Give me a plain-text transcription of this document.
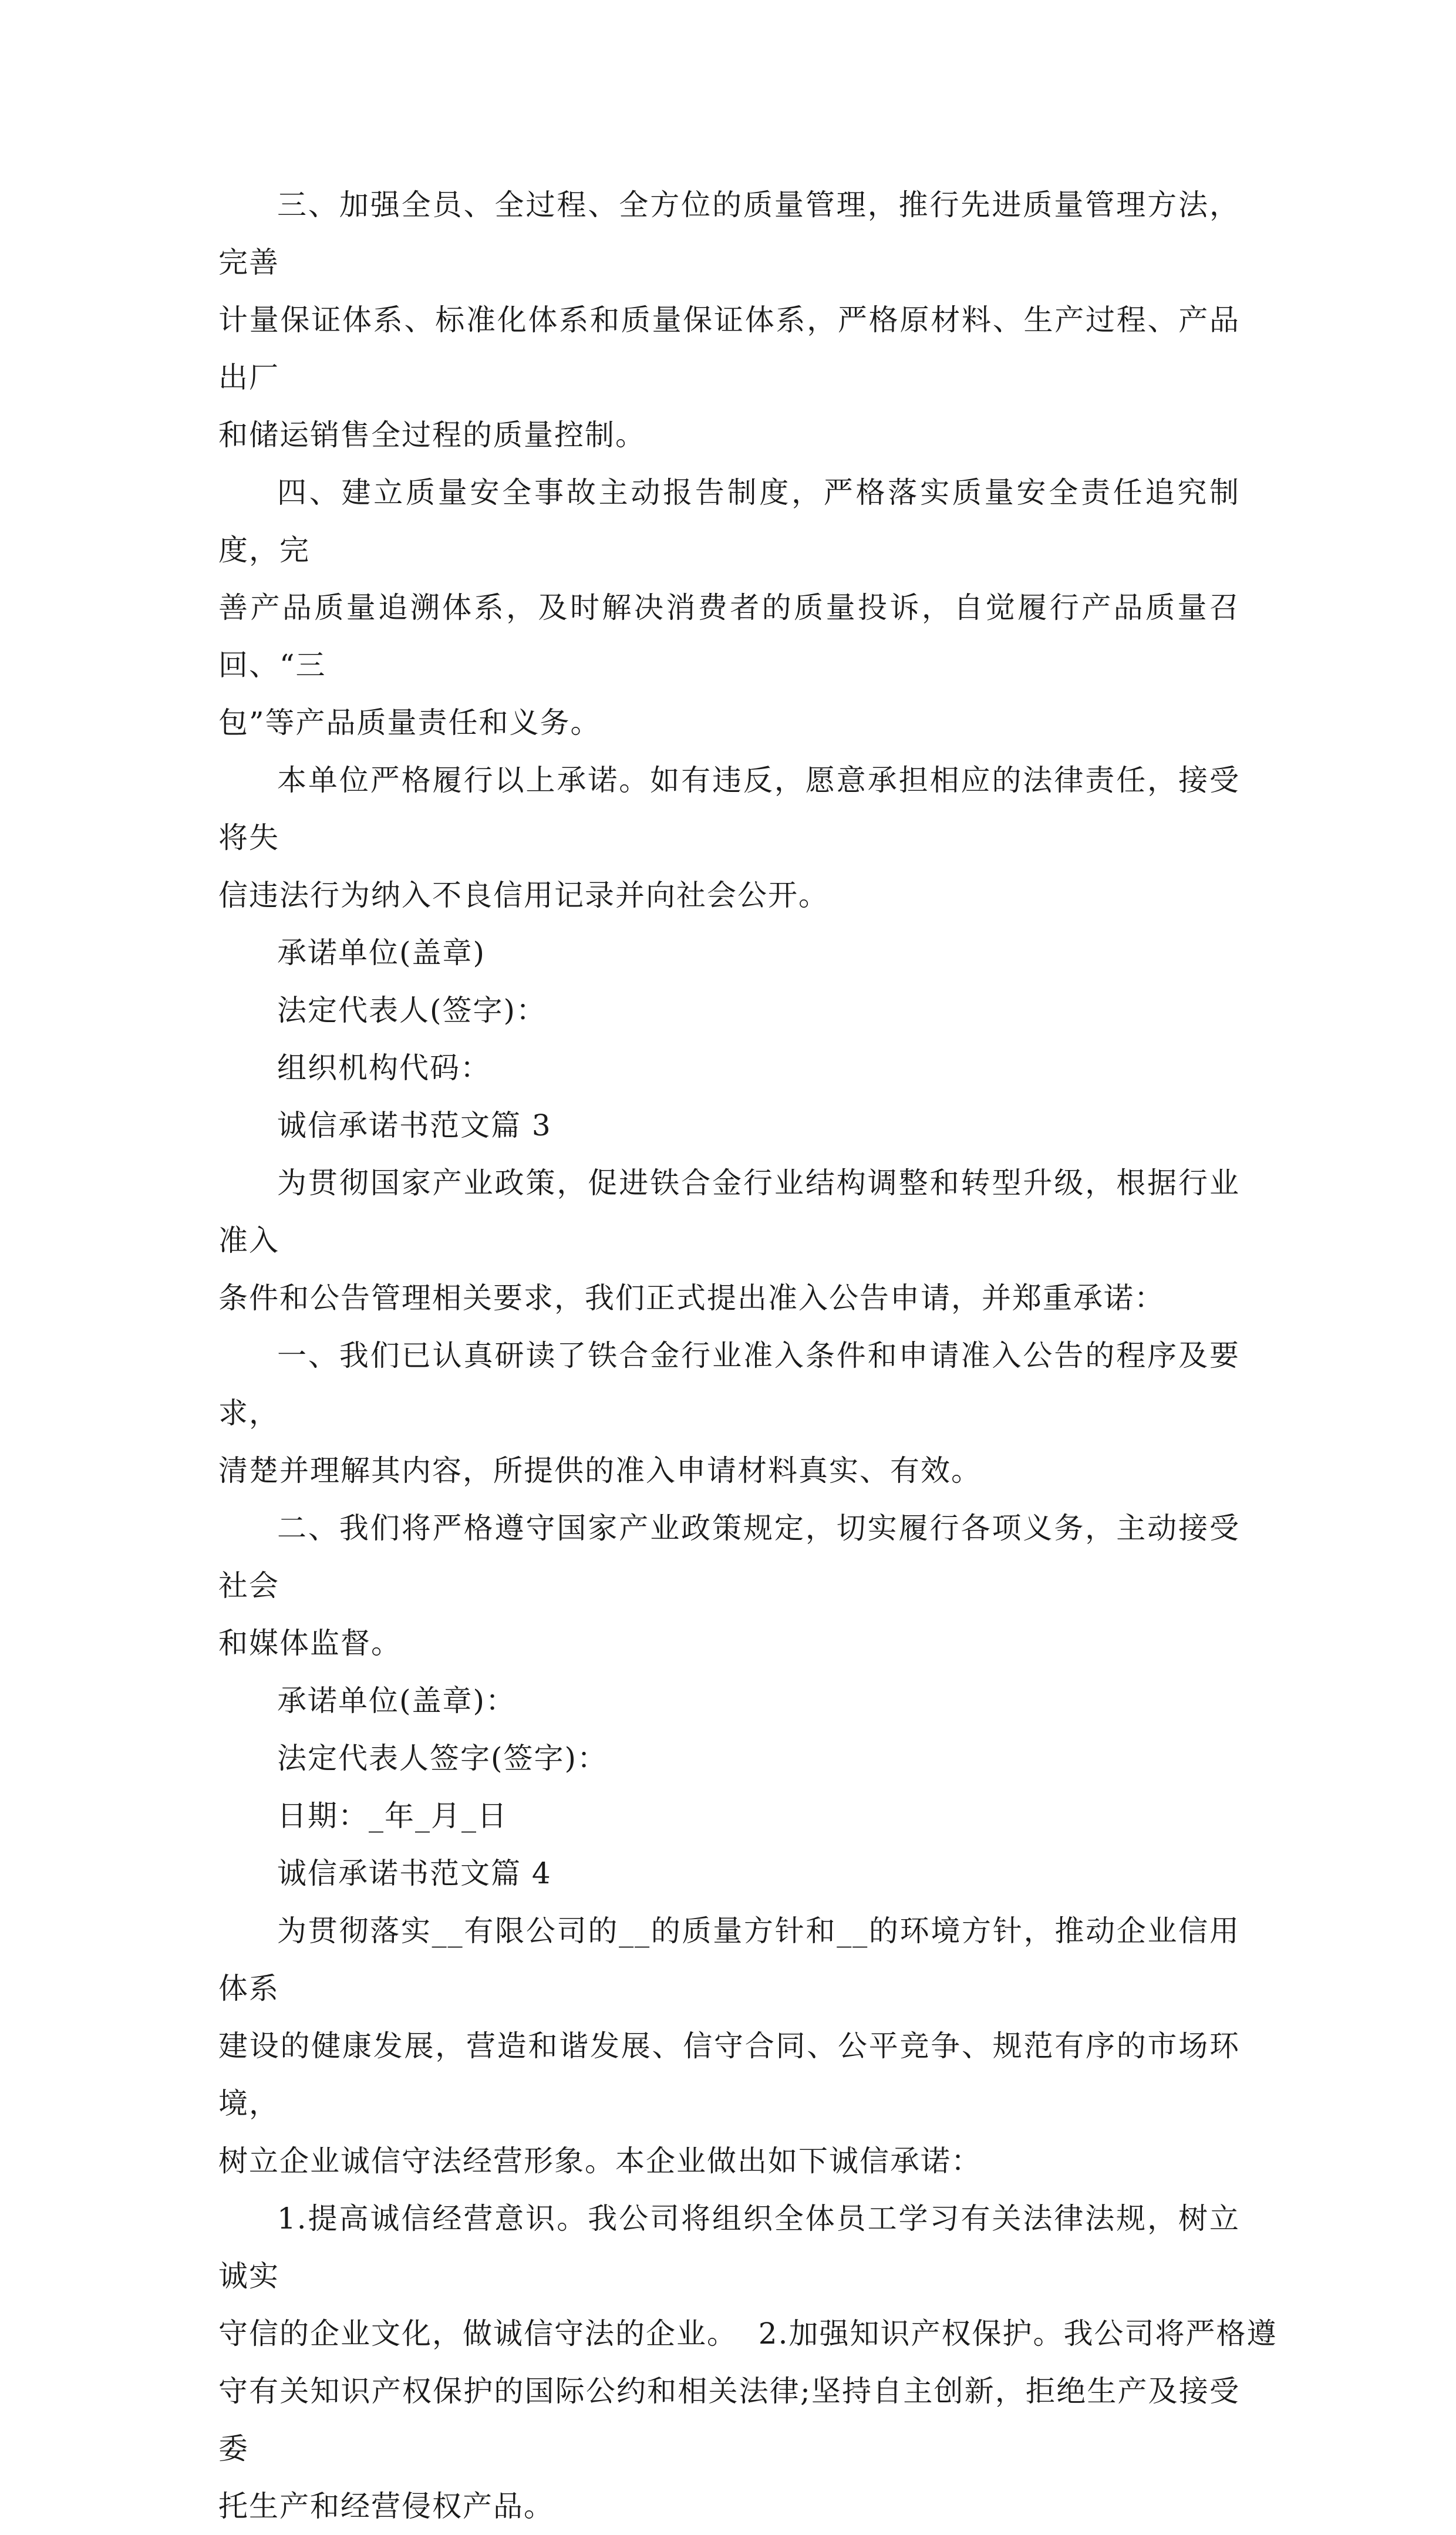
三、加强全员、全过程、全方位的质量管理，推行先进质量管理方法，完善
计量保证体系、标准化体系和质量保证体系，严格原材料、生产过程、产品出厂
和储运销售全过程的质量控制。

四、建立质量安全事故主动报告制度，严格落实质量安全责任追究制度，完
善产品质量追溯体系，及时解决消费者的质量投诉，自觉履行产品质量召回、“三
包”等产品质量责任和义务。

本单位严格履行以上承诺。如有违反，愿意承担相应的法律责任，接受将失
信违法行为纳入不良信用记录并向社会公开。

承诺单位(盖章)

法定代表人(签字)：

组织机构代码：

诚信承诺书范文篇 3

为贯彻国家产业政策，促进铁合金行业结构调整和转型升级，根据行业准入
条件和公告管理相关要求，我们正式提出准入公告申请，并郑重承诺：

一、我们已认真研读了铁合金行业准入条件和申请准入公告的程序及要求，
清楚并理解其内容，所提供的准入申请材料真实、有效。

二、我们将严格遵守国家产业政策规定，切实履行各项义务，主动接受社会
和媒体监督。

承诺单位(盖章)：

法定代表人签字(签字)：

日期：_年_月_日

诚信承诺书范文篇 4

为贯彻落实__有限公司的__的质量方针和__的环境方针，推动企业信用体系
建设的健康发展，营造和谐发展、信守合同、公平竞争、规范有序的市场环境，
树立企业诚信守法经营形象。本企业做出如下诚信承诺：

1.提高诚信经营意识。我公司将组织全体员工学习有关法律法规，树立诚实
守信的企业文化，做诚信守法的企业。  2.加强知识产权保护。我公司将严格遵
守有关知识产权保护的国际公约和相关法律;坚持自主创新，拒绝生产及接受委
托生产和经营侵权产品。
